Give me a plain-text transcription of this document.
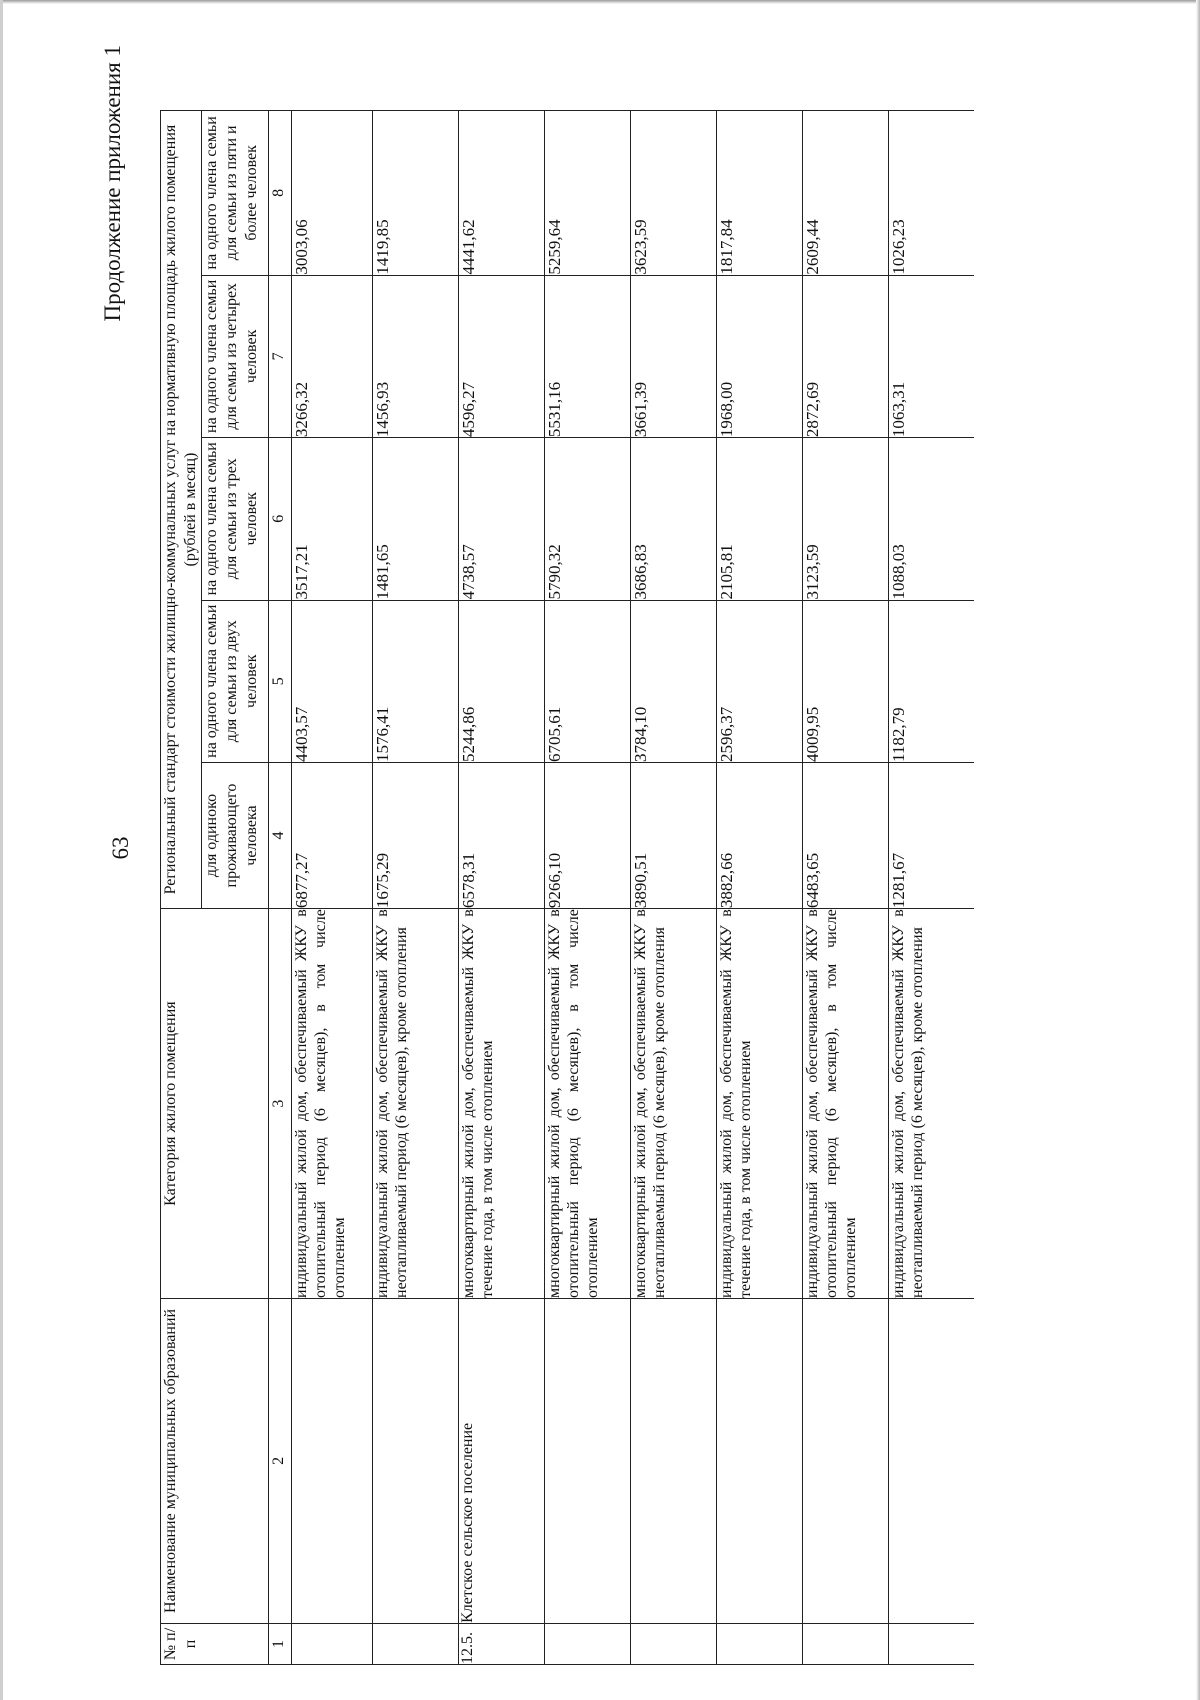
63
Продолжение приложения 1
№ п/п	Наименование муниципальных образований	Категория жилого помещения	Региональный стандарт стоимости жилищно-коммунальных услуг на нормативную площадь жилого помещения (рублей в месяц)				
			для одиноко проживающего человека	на одного члена семьи для семьи из двух человек	на одного члена семьи для семьи из трех человек	на одного члена семьи для семьи из четырех человек	на одного члена семьи для семьи из пяти и более человек
1	2	3	4	5	6	7	8
		индивидуальный жилой дом, обеспечиваемый ЖКУ в отопительный период (6 месяцев), в том числе отоплением	6877,27	4403,57	3517,21	3266,32	3003,06
		индивидуальный жилой дом, обеспечиваемый ЖКУ в неотапливаемый период (6 месяцев), кроме отопления	1675,29	1576,41	1481,65	1456,93	1419,85
12.5.	Клетское сельское поселение	многоквартирный жилой дом, обеспечиваемый ЖКУ в течение года, в том числе отоплением	6578,31	5244,86	4738,57	4596,27	4441,62
		многоквартирный жилой дом, обеспечиваемый ЖКУ в отопительный период (6 месяцев), в том числе отоплением	9266,10	6705,61	5790,32	5531,16	5259,64
		многоквартирный жилой дом, обеспечиваемый ЖКУ в неотапливаемый период (6 месяцев), кроме отопления	3890,51	3784,10	3686,83	3661,39	3623,59
		индивидуальный жилой дом, обеспечиваемый ЖКУ в течение года, в том числе отоплением	3882,66	2596,37	2105,81	1968,00	1817,84
		индивидуальный жилой дом, обеспечиваемый ЖКУ в отопительный период (6 месяцев), в том числе отоплением	6483,65	4009,95	3123,59	2872,69	2609,44
		индивидуальный жилой дом, обеспечиваемый ЖКУ в неотапливаемый период (6 месяцев), кроме отопления	1281,67	1182,79	1088,03	1063,31	1026,23
